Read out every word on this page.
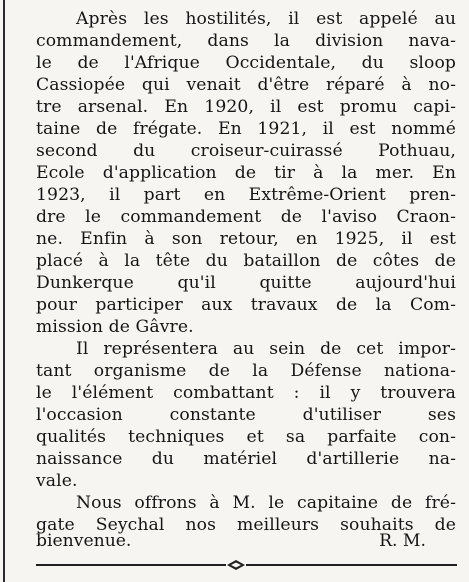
Après les hostilités, il est appelé au
commandement, dans la division nava-
le de l'Afrique Occidentale, du sloop
Cassiopée qui venait d'être réparé à no-
tre arsenal. En 1920, il est promu capi-
taine de frégate. En 1921, il est nommé
second du croiseur-cuirassé Pothuau,
Ecole d'application de tir à la mer. En
1923, il part en Extrême-Orient pren-
dre le commandement de l'aviso Craon-
ne. Enfin à son retour, en 1925, il est
placé à la tête du bataillon de côtes de
Dunkerque qu'il quitte aujourd'hui
pour participer aux travaux de la Com-
mission de Gâvre.
Il représentera au sein de cet impor-
tant organisme de la Défense nationa-
le l'élément combattant : il y trouvera
l'occasion constante d'utiliser ses
qualités techniques et sa parfaite con-
naissance du matériel d'artillerie na-
vale.
Nous offrons à M. le capitaine de fré-
gate Seychal nos meilleurs souhaits de
bienvenue.	R. M.
